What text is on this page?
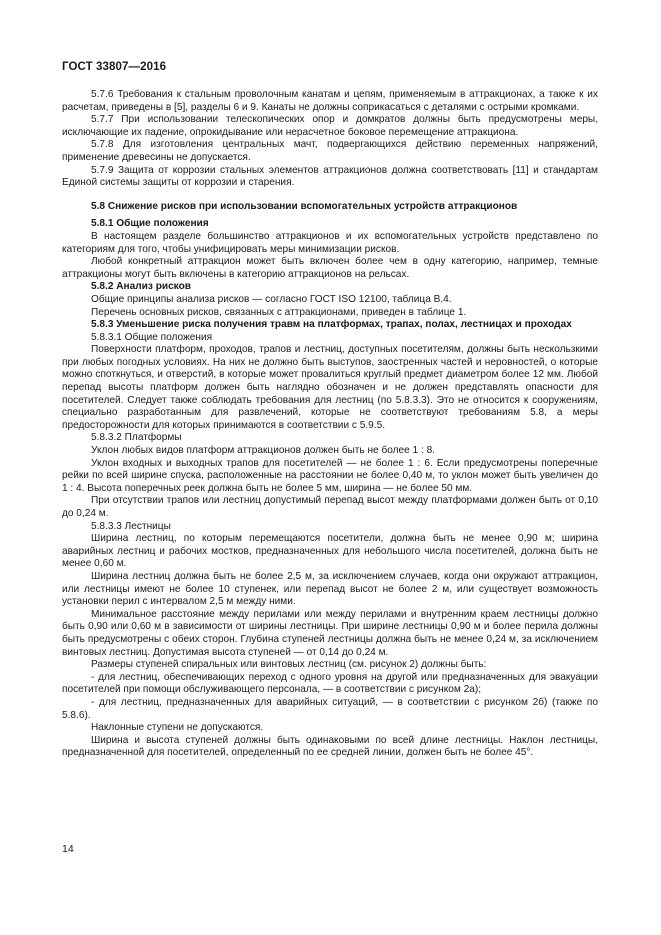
ГОСТ 33807—2016

5.7.6 Требования к стальным проволочным канатам и цепям, применяемым в аттракционах, а также к их расчетам, приведены в [5], разделы 6 и 9. Канаты не должны соприкасаться с деталями с острыми кромками.

5.7.7 При использовании телескопических опор и домкратов должны быть предусмотрены меры, исключающие их падение, опрокидывание или нерасчетное боковое перемещение аттракциона.

5.7.8 Для изготовления центральных мачт, подвергающихся действию переменных напряжений, применение древесины не допускается.

5.7.9 Защита от коррозии стальных элементов аттракционов должна соответствовать [11] и стандартам Единой системы защиты от коррозии и старения.

5.8 Снижение рисков при использовании вспомогательных устройств аттракционов

5.8.1 Общие положения

В настоящем разделе большинство аттракционов и их вспомогательных устройств представлено по категориям для того, чтобы унифицировать меры минимизации рисков.

Любой конкретный аттракцион может быть включен более чем в одну категорию, например, темные аттракционы могут быть включены в категорию аттракционов на рельсах.

5.8.2 Анализ рисков

Общие принципы анализа рисков — согласно ГОСТ ISO 12100, таблица В.4.

Перечень основных рисков, связанных с аттракционами, приведен в таблице 1.

5.8.3 Уменьшение риска получения травм на платформах, трапах, полах, лестницах и проходах

5.8.3.1 Общие положения

Поверхности платформ, проходов, трапов и лестниц, доступных посетителям, должны быть нескользкими при любых погодных условиях. На них не должно быть выступов, заостренных частей и неровностей, о которые можно споткнуться, и отверстий, в которые может провалиться круглый предмет диаметром более 12 мм. Любой перепад высоты платформ должен быть наглядно обозначен и не должен представлять опасности для посетителей. Следует также соблюдать требования для лестниц (по 5.8.3.3). Это не относится к сооружениям, специально разработанным для развлечений, которые не соответствуют требованиям 5.8, а меры предосторожности для которых принимаются в соответствии с 5.9.5.

5.8.3.2 Платформы

Уклон любых видов платформ аттракционов должен быть не более 1 : 8.

Уклон входных и выходных трапов для посетителей — не более 1 : 6. Если предусмотрены поперечные рейки по всей ширине спуска, расположенные на расстоянии не более 0,40 м, то уклон может быть увеличен до 1 : 4. Высота поперечных реек должна быть не более 5 мм, ширина — не более 50 мм.

При отсутствии трапов или лестниц допустимый перепад высот между платформами должен быть от 0,10 до 0,24 м.

5.8.3.3 Лестницы

Ширина лестниц, по которым перемещаются посетители, должна быть не менее 0,90 м; ширина аварийных лестниц и рабочих мостков, предназначенных для небольшого числа посетителей, должна быть не менее 0,60 м.

Ширина лестниц должна быть не более 2,5 м, за исключением случаев, когда они окружают аттракцион, или лестницы имеют не более 10 ступенек, или перепад высот не более 2 м, или существует возможность установки перил с интервалом 2,5 м между ними.

Минимальное расстояние между перилами или между перилами и внутренним краем лестницы должно быть 0,90 или 0,60 м в зависимости от ширины лестницы. При ширине лестницы 0,90 м и более перила должны быть предусмотрены с обеих сторон. Глубина ступеней лестницы должна быть не менее 0,24 м, за исключением винтовых лестниц. Допустимая высота ступеней — от 0,14 до 0,24 м.

Размеры ступеней спиральных или винтовых лестниц (см. рисунок 2) должны быть:

- для лестниц, обеспечивающих переход с одного уровня на другой или предназначенных для эвакуации посетителей при помощи обслуживающего персонала, — в соответствии с рисунком 2а);

- для лестниц, предназначенных для аварийных ситуаций, — в соответствии с рисунком 2б) (также по 5.8.6).

Наклонные ступени не допускаются.

Ширина и высота ступеней должны быть одинаковыми по всей длине лестницы. Наклон лестницы, предназначенной для посетителей, определенный по ее средней линии, должен быть не более 45°.

14
